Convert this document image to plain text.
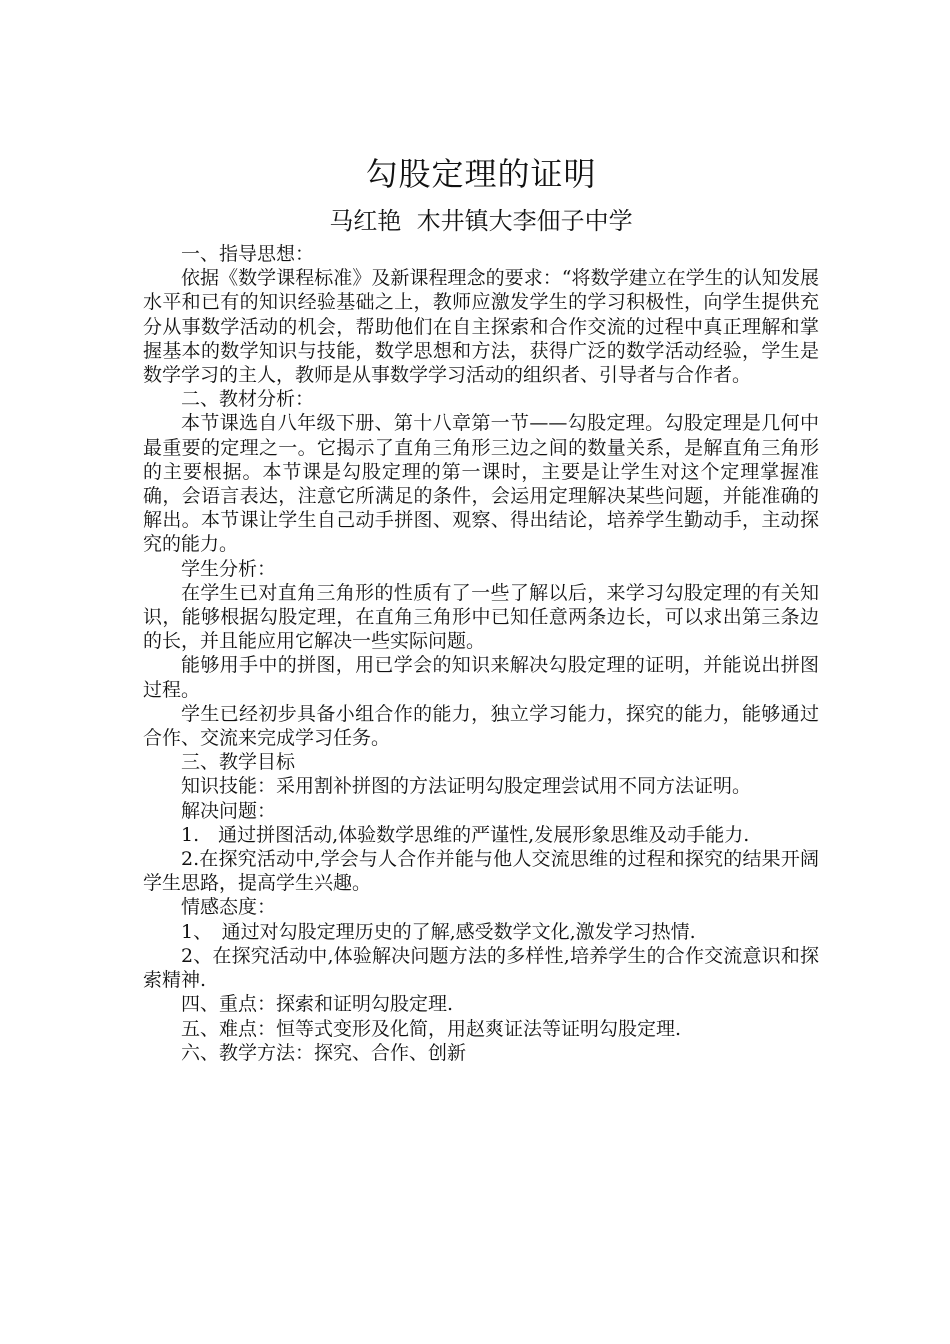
勾股定理的证明
马红艳  木井镇大李佃子中学

一、指导思想：

依据《数学课程标准》及新课程理念的要求：“将数学建立在学生的认知发展水平和已有的知识经验基础之上，教师应激发学生的学习积极性，向学生提供充分从事数学活动的机会，帮助他们在自主探索和合作交流的过程中真正理解和掌握基本的数学知识与技能，数学思想和方法，获得广泛的数学活动经验，学生是数学学习的主人，教师是从事数学学习活动的组织者、引导者与合作者。

二、教材分析：

本节课选自八年级下册、第十八章第一节——勾股定理。勾股定理是几何中最重要的定理之一。它揭示了直角三角形三边之间的数量关系，是解直角三角形的主要根据。本节课是勾股定理的第一课时，主要是让学生对这个定理掌握准确，会语言表达，注意它所满足的条件，会运用定理解决某些问题，并能准确的解出。本节课让学生自己动手拼图、观察、得出结论，培养学生勤动手，主动探究的能力。

学生分析：

在学生已对直角三角形的性质有了一些了解以后，来学习勾股定理的有关知识，能够根据勾股定理，在直角三角形中已知任意两条边长，可以求出第三条边的长，并且能应用它解决一些实际问题。

能够用手中的拼图，用已学会的知识来解决勾股定理的证明，并能说出拼图过程。

学生已经初步具备小组合作的能力，独立学习能力，探究的能力，能够通过合作、交流来完成学习任务。

三、教学目标

知识技能：采用割补拼图的方法证明勾股定理尝试用不同方法证明。

解决问题：

1.　通过拼图活动,体验数学思维的严谨性,发展形象思维及动手能力.

2.在探究活动中,学会与人合作并能与他人交流思维的过程和探究的结果开阔学生思路，提高学生兴趣。

情感态度：

1、　通过对勾股定理历史的了解,感受数学文化,激发学习热情.

2、在探究活动中,体验解决问题方法的多样性,培养学生的合作交流意识和探索精神.

四、重点：探索和证明勾股定理.

五、难点：恒等式变形及化简，用赵爽证法等证明勾股定理.

六、教学方法：探究、合作、创新
